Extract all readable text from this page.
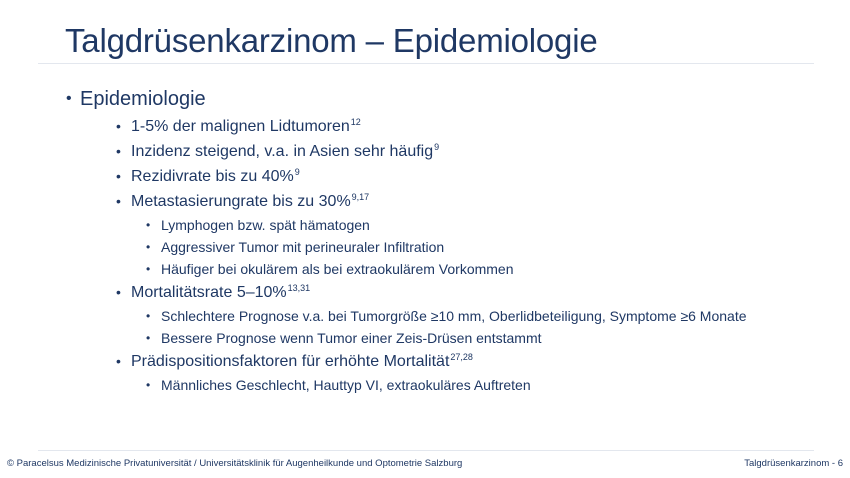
Talgdrüsenkarzinom – Epidemiologie
• Epidemiologie
• 1-5% der malignen Lidtumoren$^{12}$
• Inzidenz steigend, v.a. in Asien sehr häufig$^9$
• Rezidivrate bis zu 40%$^9$
• Metastasierungrate bis zu 30%$^{9,17}$
• Lymphogen bzw. spät hämatogen
• Aggressiver Tumor mit perineuraler Infiltration
• Häufiger bei okulärem als bei extraokulärem Vorkommen
• Mortalitätsrate 5–10%$^{13,31}$
• Schlechtere Prognose v.a. bei Tumorgröße ≥10 mm, Oberlidbeteiligung, Symptome ≥6 Monate
• Bessere Prognose wenn Tumor einer Zeis-Drüsen entstammt
• Prädispositionsfaktoren für erhöhte Mortalität$^{27,28}$
• Männliches Geschlecht, Hauttyp VI, extraokuläres Auftreten
© Paracelsus Medizinische Privatuniversität / Universitätsklinik für Augenheilkunde und Optometrie Salzburg	Talgdrüsenkarzinom - 6
